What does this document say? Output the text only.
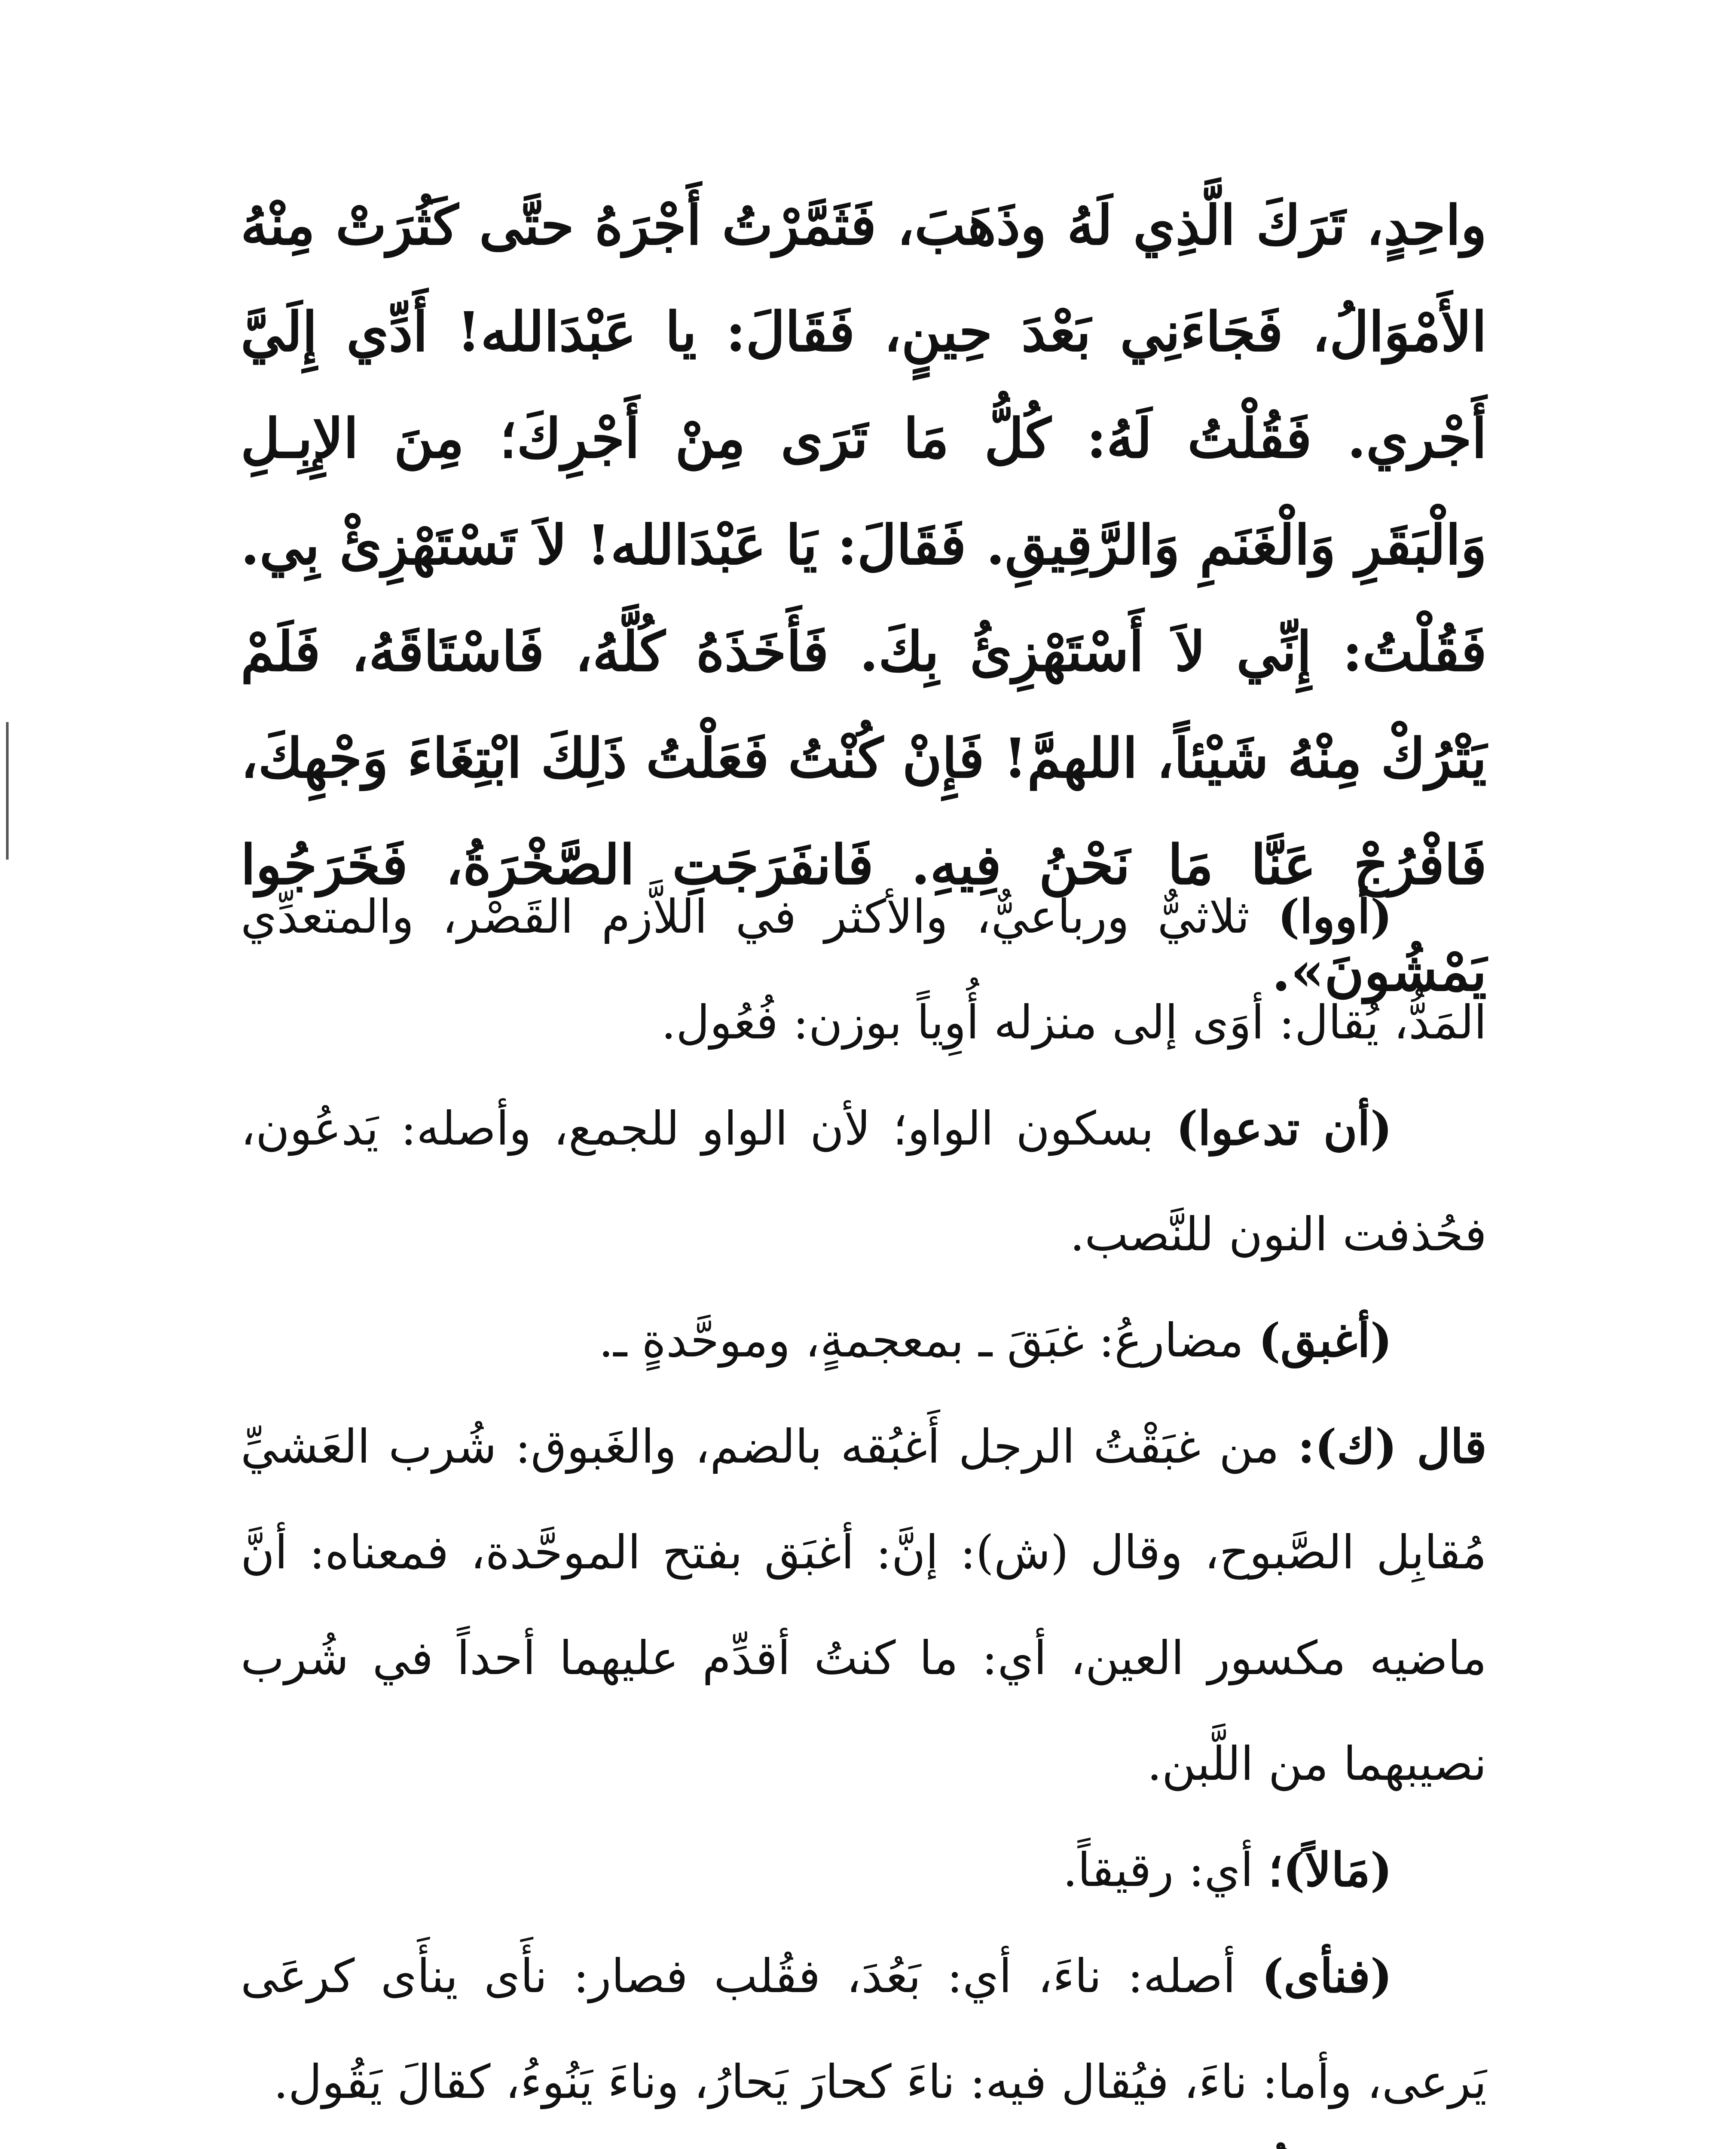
واحِدٍ، تَرَكَ الَّذِي لَهُ وذَهَبَ، فَثَمَّرْتُ أَجْرَهُ حتَّى كَثُرَتْ مِنْهُ الأَمْوَالُ، فَجَاءَنِي بَعْدَ حِينٍ، فَقَالَ: يا عَبْدَالله! أَدِّي إِلَيَّ أَجْري. فَقُلْتُ لَهُ: كُلُّ مَا تَرَى مِنْ أَجْرِكَ؛ مِنَ الإِبِـلِ وَالْبَقَرِ وَالْغَنَمِ وَالرَّقِيقِ. فَقَالَ: يَا عَبْدَالله! لاَ تَسْتَهْزِئْ بِي. فَقُلْتُ: إِنِّي لاَ أَسْتَهْزِئُ بِكَ. فَأَخَذَهُ كُلَّهُ، فَاسْتَاقَهُ، فَلَمْ يَتْرُكْ مِنْهُ شَيْئاً، اللهمَّ! فَإِنْ كُنْتُ فَعَلْتُ ذَلِكَ ابْتِغَاءَ وَجْهِكَ، فَافْرُجْ عَنَّا مَا نَحْنُ فِيهِ. فَانفَرَجَتِ الصَّخْرَةُ، فَخَرَجُوا يَمْشُونَ».

(أووا) ثلاثيٌّ ورباعيٌّ، والأكثر في اللاَّزم القَصْر، والمتعدِّي المَدُّ، يُقال: أوَى إلى منزله أُوِياً بوزن: فُعُول.

(أن تدعوا) بسكون الواو؛ لأن الواو للجمع، وأصله: يَدعُون، فحُذفت النون للنَّصب.

(أغبق) مضارعُ: غبَقَ ـ بمعجمةٍ، وموحَّدةٍ ـ.

قال (ك): من غبَقْتُ الرجل أَغبُقه بالضم، والغَبوق: شُرب العَشيِّ مُقابِل الصَّبوح، وقال (ش): إنَّ: أغبَق بفتح الموحَّدة، فمعناه: أنَّ ماضيه مكسور العين، أي: ما كنتُ أقدِّم عليهما أحداً في شُرب نصيبهما من اللَّبن.

(مَالاً)؛ أي: رقيقاً.

(فنأى) أصله: ناءَ، أي: بَعُدَ، فقُلب فصار: نأَى ينأَى كرعَى يَرعى، وأما: ناءَ، فيُقال فيه: ناءَ كحارَ يَحارُ، وناءَ يَنُوءُ، كقالَ يَقُول.
